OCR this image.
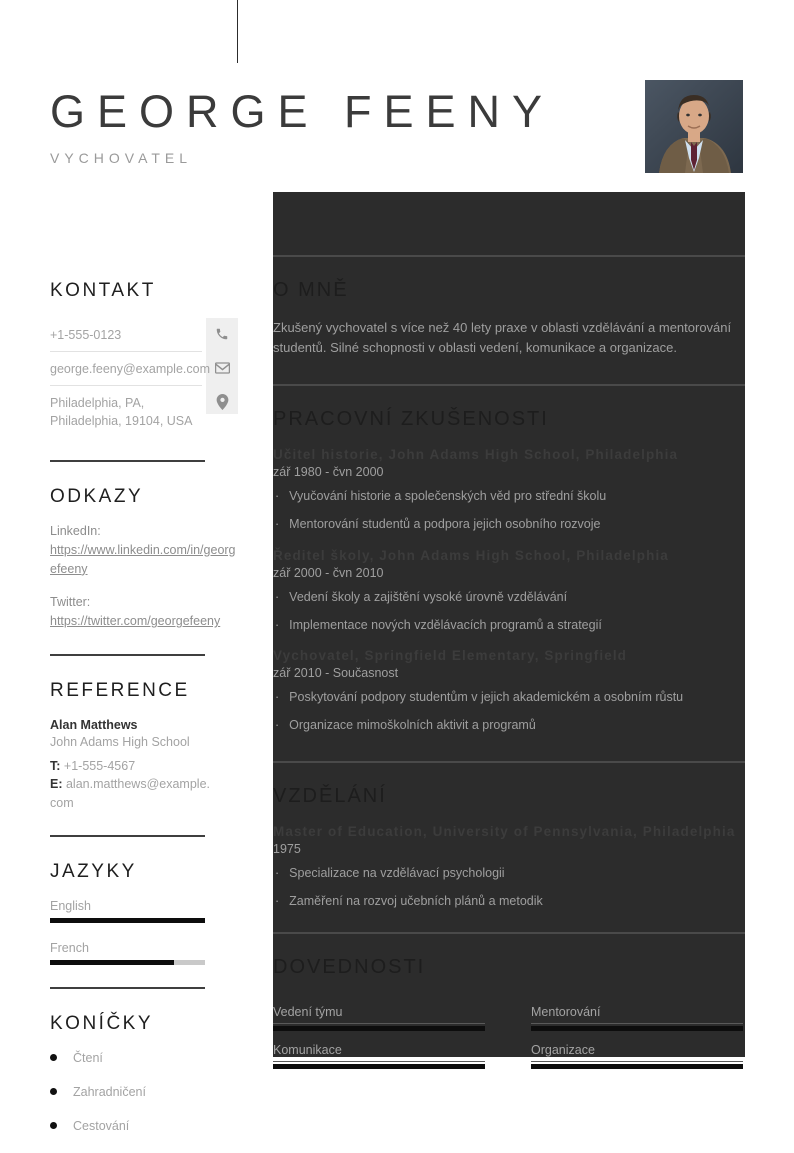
GEORGE FEENY
VYCHOVATEL
KONTAKT
+1-555-0123
george.feeny@example.com
Philadelphia, PA,
Philadelphia, 19104, USA
ODKAZY
LinkedIn:
https://www.linkedin.com/in/georgefeeny
Twitter:
https://twitter.com/georgefeeny
REFERENCE
Alan Matthews
John Adams High School
T: +1-555-4567
E: alan.matthews@example.com
JAZYKY
English
French
KONÍČKY
Čtení
Zahradničení
Cestování
O MNĚ
Zkušený vychovatel s více než 40 lety praxe v oblasti vzdělávání a mentorování studentů. Silné schopnosti v oblasti vedení, komunikace a organizace.
PRACOVNÍ ZKUŠENOSTI
Učitel historie, John Adams High School, Philadelphia
zář 1980 - čvn 2000
· Vyučování historie a společenských věd pro střední školu
· Mentorování studentů a podpora jejich osobního rozvoje
Ředitel školy, John Adams High School, Philadelphia
zář 2000 - čvn 2010
· Vedení školy a zajištění vysoké úrovně vzdělávání
· Implementace nových vzdělávacích programů a strategií
Vychovatel, Springfield Elementary, Springfield
zář 2010 - Současnost
· Poskytování podpory studentům v jejich akademickém a osobním růstu
· Organizace mimoškolních aktivit a programů
VZDĚLÁNÍ
Master of Education, University of Pennsylvania, Philadelphia
1975
· Specializace na vzdělávací psychologii
· Zaměření na rozvoj učebních plánů a metodik
DOVEDNOSTI
Vedení týmu	Mentorování
Komunikace	Organizace
